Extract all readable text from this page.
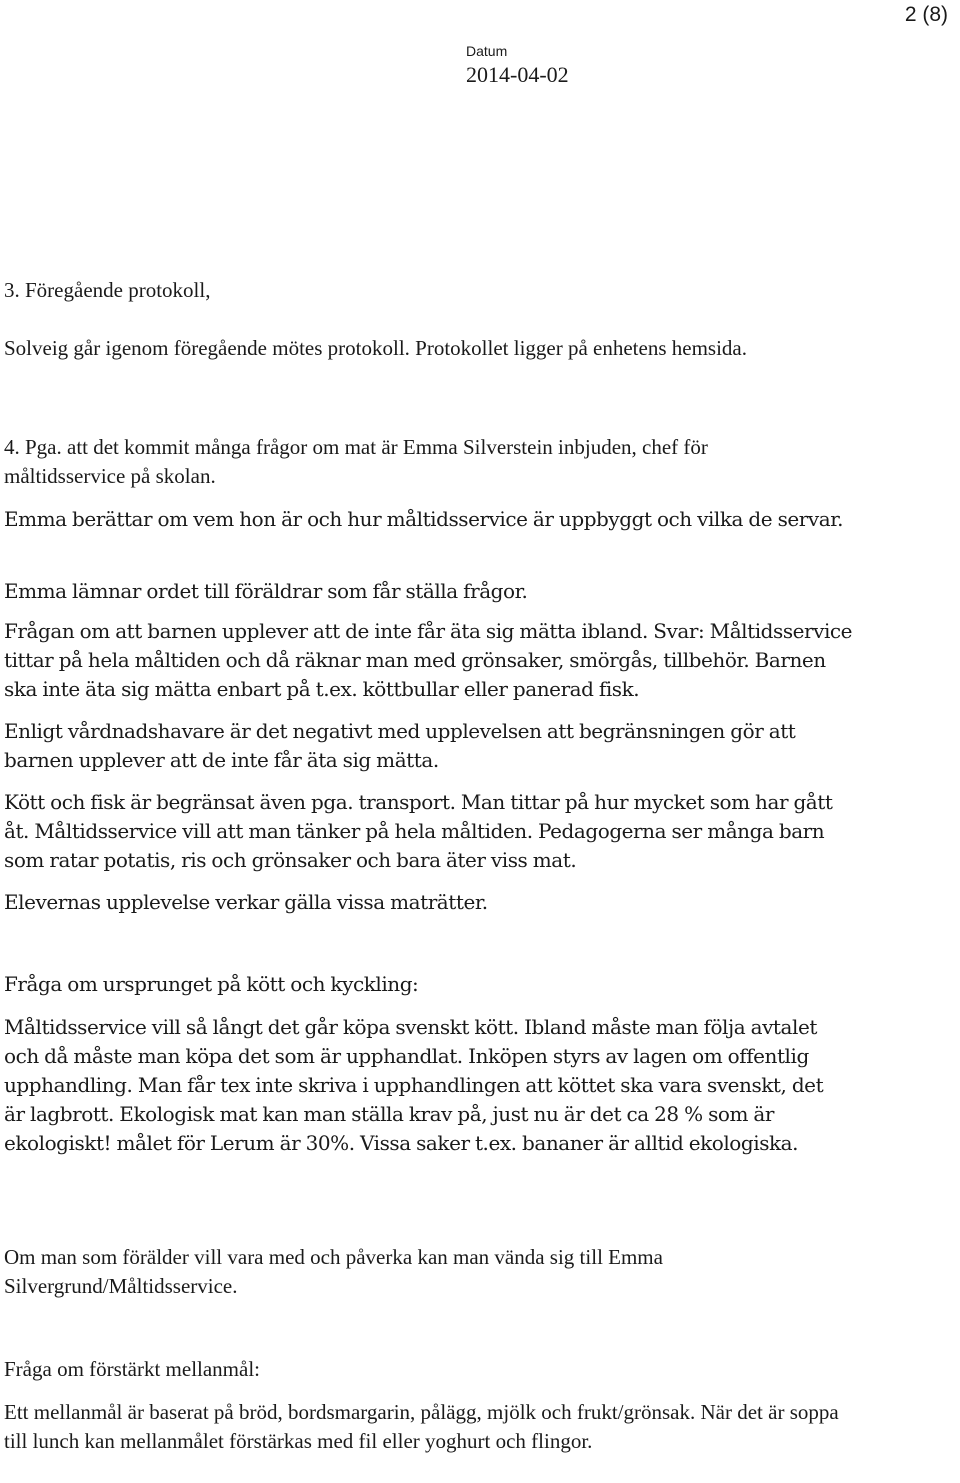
2 (8)
Datum
2014-04-02

3. Föregående protokoll,

Solveig går igenom föregående mötes protokoll. Protokollet ligger på enhetens hemsida.

4. Pga. att det kommit många frågor om mat är Emma Silverstein inbjuden, chef för måltidsservice på skolan.

Emma berättar om vem hon är och hur måltidsservice är uppbyggt och vilka de servar.

Emma lämnar ordet till föräldrar som får ställa frågor.

Frågan om att barnen upplever att de inte får äta sig mätta ibland. Svar: Måltidsservice tittar på hela måltiden och då räknar man med grönsaker, smörgås, tillbehör. Barnen ska inte äta sig mätta enbart på t.ex. köttbullar eller panerad fisk.

Enligt vårdnadshavare är det negativt med upplevelsen att begränsningen gör att barnen upplever att de inte får äta sig mätta.

Kött och fisk är begränsat även pga. transport. Man tittar på hur mycket som har gått åt. Måltidsservice vill att man tänker på hela måltiden. Pedagogerna ser många barn som ratar potatis, ris och grönsaker och bara äter viss mat.

Elevernas upplevelse verkar gälla vissa maträtter.

Fråga om ursprunget på kött och kyckling:

Måltidsservice vill så långt det går köpa svenskt kött. Ibland måste man följa avtalet och då måste man köpa det som är upphandlat. Inköpen styrs av lagen om offentlig upphandling. Man får tex inte skriva i upphandlingen att köttet ska vara svenskt, det är lagbrott. Ekologisk mat kan man ställa krav på, just nu är det ca 28 % som är ekologiskt! målet för Lerum är 30%. Vissa saker t.ex. bananer är alltid ekologiska.

Om man som förälder vill vara med och påverka kan man vända sig till Emma Silvergrund/Måltidsservice.

Fråga om förstärkt mellanmål:

Ett mellanmål är baserat på bröd, bordsmargarin, pålägg, mjölk och frukt/grönsak. När det är soppa till lunch kan mellanmålet förstärkas med fil eller yoghurt och flingor.
